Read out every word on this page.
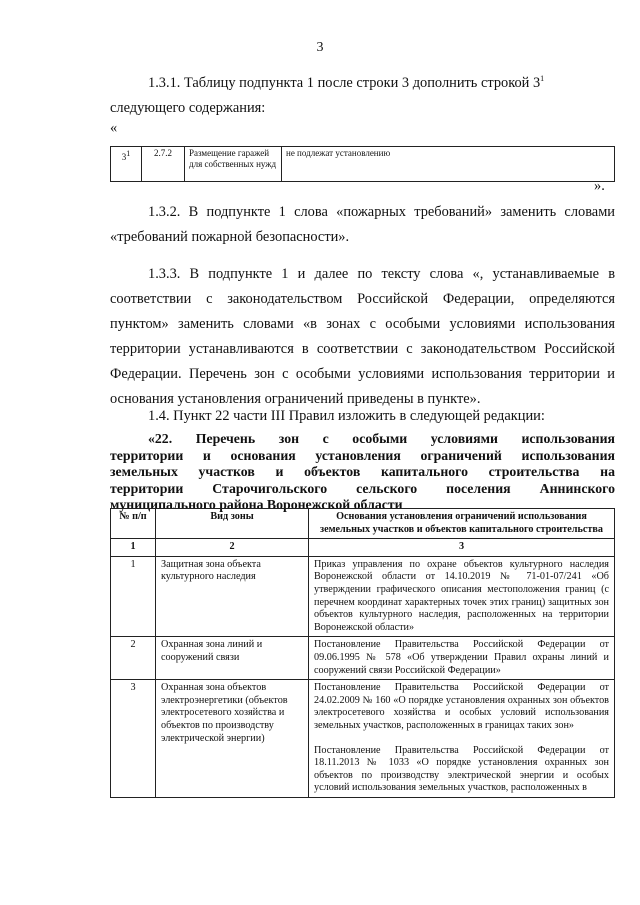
3
1.3.1. Таблицу подпункта 1 после строки 3 дополнить строкой $3^1$
следующего содержания:
«
$3^1$	2.7.2	Размещение гаражей для собственных нужд	не подлежат установлению
».
1.3.2. В подпункте 1 слова «пожарных требований» заменить словами «требований пожарной безопасности».
1.3.3. В подпункте 1 и далее по тексту слова «, устанавливаемые в соответствии с законодательством Российской Федерации, определяются пунктом» заменить словами «в зонах с особыми условиями использования территории устанавливаются в соответствии с законодательством Российской Федерации. Перечень зон с особыми условиями использования территории и основания установления ограничений приведены в пункте».
1.4. Пункт 22 части III Правил изложить в следующей редакции:
«22. Перечень зон с особыми условиями использования
территории и основания установления ограничений использования
земельных участков и объектов капитального строительства на
территории Старочигольского сельского поселения Аннинского
муниципального района Воронежской области
№ п/п	Вид зоны	Основания установления ограничений использования земельных участков и объектов капитального строительства
1	2	3
1	Защитная зона объекта культурного наследия	Приказ управления по охране объектов культурного наследия Воронежской области от 14.10.2019 № 71-01-07/241 «Об утверждении графического описания местоположения границ (с перечнем координат характерных точек этих границ) защитных зон объектов культурного наследия, расположенных на территории Воронежской области»
2	Охранная зона линий и сооружений связи	Постановление Правительства Российской Федерации от 09.06.1995 № 578 «Об утверждении Правил охраны линий и сооружений связи Российской Федерации»
3	Охранная зона объектов электроэнергетики (объектов электросетевого хозяйства и объектов по производству электрической энергии)	Постановление Правительства Российской Федерации от 24.02.2009 № 160 «О порядке установления охранных зон объектов электросетевого хозяйства и особых условий использования земельных участков, расположенных в границах таких зон»
Постановление Правительства Российской Федерации от 18.11.2013 № 1033 «О порядке установления охранных зон объектов по производству электрической энергии и особых условий использования земельных участков, расположенных в
